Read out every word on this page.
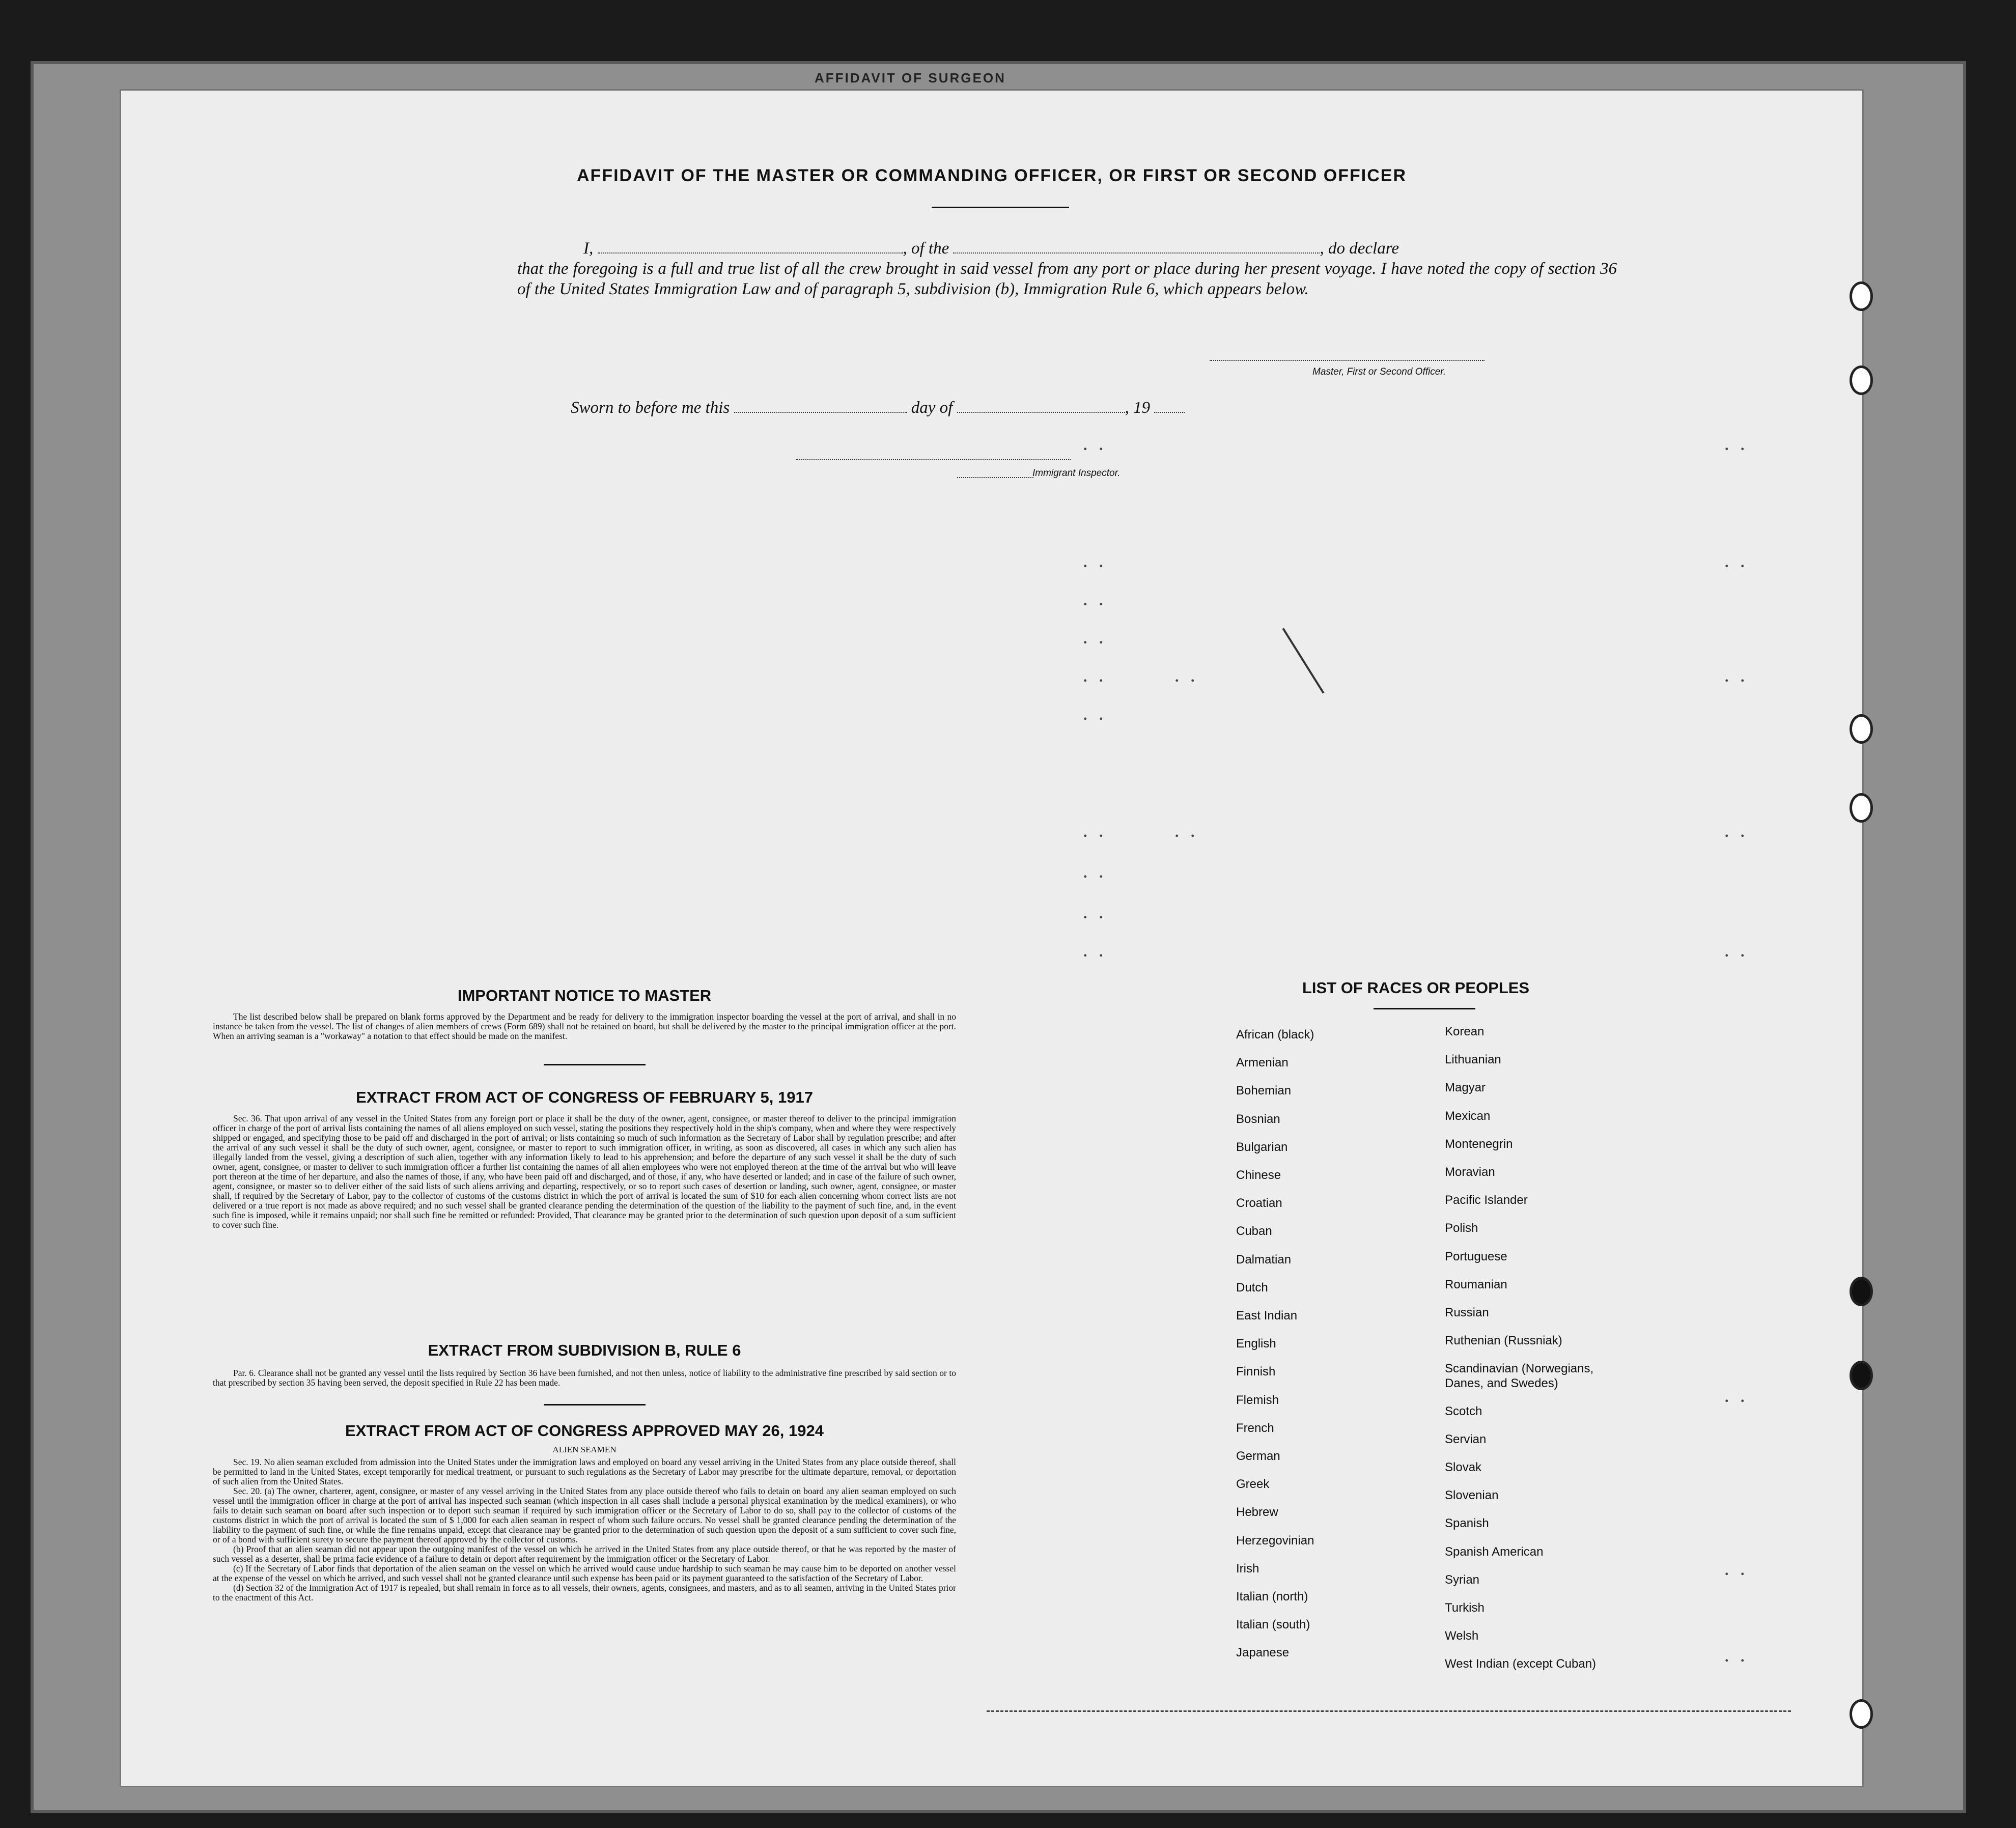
AFFIDAVIT OF SURGEON
AFFIDAVIT OF THE MASTER OR COMMANDING OFFICER, OR FIRST OR SECOND OFFICER
I,	, of the	, do declare
that the foregoing is a full and true list of all the crew brought in said vessel from any port or place during her present voyage. I have noted the copy of section 36 of the United States Immigration Law and of paragraph 5, subdivision (b), Immigration Rule 6, which appears below.
Master, First or Second Officer.
Sworn to before me this	day of	, 19
Immigrant Inspector.
. .
. .
. .
. .
. .
. .
. .
. .
. .
. .
. .
. .
. .
. .
. .
. .
. .
. .
. .
. .
IMPORTANT NOTICE TO MASTER

The list described below shall be prepared on blank forms approved by the Department and be ready for delivery to the immigration inspector boarding the vessel at the port of arrival, and shall in no instance be taken from the vessel. The list of changes of alien members of crews (Form 689) shall not be retained on board, but shall be delivered by the master to the principal immigration officer at the port. When an arriving seaman is a "workaway" a notation to that effect should be made on the manifest.

EXTRACT FROM ACT OF CONGRESS OF FEBRUARY 5, 1917

Sec. 36. That upon arrival of any vessel in the United States from any foreign port or place it shall be the duty of the owner, agent, consignee, or master thereof to deliver to the principal immigration officer in charge of the port of arrival lists containing the names of all aliens employed on such vessel, stating the positions they respectively hold in the ship's company, when and where they were respectively shipped or engaged, and specifying those to be paid off and discharged in the port of arrival; or lists containing so much of such information as the Secretary of Labor shall by regulation prescribe; and after the arrival of any such vessel it shall be the duty of such owner, agent, consignee, or master to report to such immigration officer, in writing, as soon as discovered, all cases in which any such alien has illegally landed from the vessel, giving a description of such alien, together with any information likely to lead to his apprehension; and before the departure of any such vessel it shall be the duty of such owner, agent, consignee, or master to deliver to such immigration officer a further list containing the names of all alien employees who were not employed thereon at the time of the arrival but who will leave port thereon at the time of her departure, and also the names of those, if any, who have been paid off and discharged, and of those, if any, who have deserted or landed; and in case of the failure of such owner, agent, consignee, or master so to deliver either of the said lists of such aliens arriving and departing, respectively, or so to report such cases of desertion or landing, such owner, agent, consignee, or master shall, if required by the Secretary of Labor, pay to the collector of customs of the customs district in which the port of arrival is located the sum of $10 for each alien concerning whom correct lists are not delivered or a true report is not made as above required; and no such vessel shall be granted clearance pending the determination of the question of the liability to the payment of such fine, and, in the event such fine is imposed, while it remains unpaid; nor shall such fine be remitted or refunded: Provided, That clearance may be granted prior to the determination of such question upon deposit of a sum sufficient to cover such fine.

EXTRACT FROM SUBDIVISION B, RULE 6

Par. 6. Clearance shall not be granted any vessel until the lists required by Section 36 have been furnished, and not then unless, notice of liability to the administrative fine prescribed by said section or to that prescribed by section 35 having been served, the deposit specified in Rule 22 has been made.

EXTRACT FROM ACT OF CONGRESS APPROVED MAY 26, 1924
ALIEN SEAMEN

Sec. 19. No alien seaman excluded from admission into the United States under the immigration laws and employed on board any vessel arriving in the United States from any place outside thereof, shall be permitted to land in the United States, except temporarily for medical treatment, or pursuant to such regulations as the Secretary of Labor may prescribe for the ultimate departure, removal, or deportation of such alien from the United States.

Sec. 20. (a) The owner, charterer, agent, consignee, or master of any vessel arriving in the United States from any place outside thereof who fails to detain on board any alien seaman employed on such vessel until the immigration officer in charge at the port of arrival has inspected such seaman (which inspection in all cases shall include a personal physical examination by the medical examiners), or who fails to detain such seaman on board after such inspection or to deport such seaman if required by such immigration officer or the Secretary of Labor to do so, shall pay to the collector of customs of the customs district in which the port of arrival is located the sum of $ 1,000 for each alien seaman in respect of whom such failure occurs. No vessel shall be granted clearance pending the determination of the liability to the payment of such fine, or while the fine remains unpaid, except that clearance may be granted prior to the determination of such question upon the deposit of a sum sufficient to cover such fine, or of a bond with sufficient surety to secure the payment thereof approved by the collector of customs.

(b) Proof that an alien seaman did not appear upon the outgoing manifest of the vessel on which he arrived in the United States from any place outside thereof, or that he was reported by the master of such vessel as a deserter, shall be prima facie evidence of a failure to detain or deport after requirement by the immigration officer or the Secretary of Labor.

(c) If the Secretary of Labor finds that deportation of the alien seaman on the vessel on which he arrived would cause undue hardship to such seaman he may cause him to be deported on another vessel at the expense of the vessel on which he arrived, and such vessel shall not be granted clearance until such expense has been paid or its payment guaranteed to the satisfaction of the Secretary of Labor.

(d) Section 32 of the Immigration Act of 1917 is repealed, but shall remain in force as to all vessels, their owners, agents, consignees, and masters, and as to all seamen, arriving in the United States prior to the enactment of this Act.

LIST OF RACES OR PEOPLES
African (black)
Armenian
Bohemian
Bosnian
Bulgarian
Chinese
Croatian
Cuban
Dalmatian
Dutch
East Indian
English
Finnish
Flemish
French
German
Greek
Hebrew
Herzegovinian
Irish
Italian (north)
Italian (south)
Japanese
Korean
Lithuanian
Magyar
Mexican
Montenegrin
Moravian
Pacific Islander
Polish
Portuguese
Roumanian
Russian
Ruthenian (Russniak)
Scandinavian (Norwegians,
Danes, and Swedes)
Scotch
Servian
Slovak
Slovenian
Spanish
Spanish American
Syrian
Turkish
Welsh
West Indian (except Cuban)
